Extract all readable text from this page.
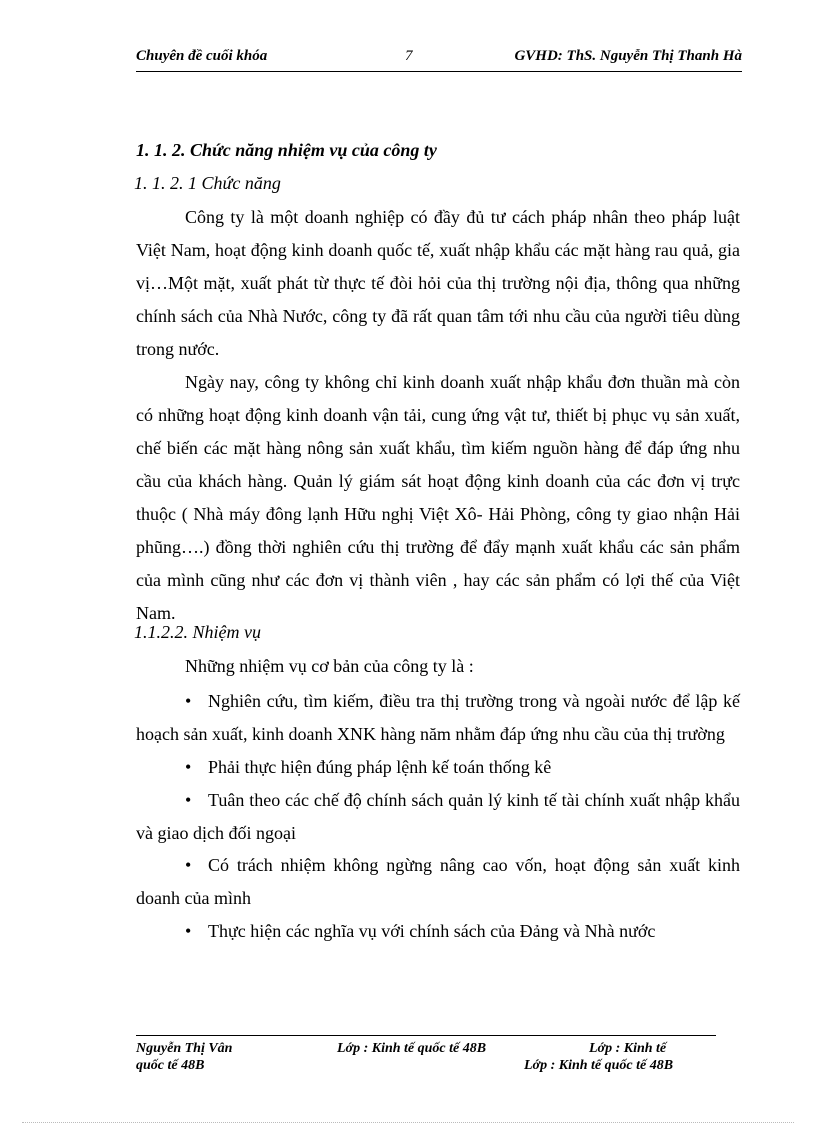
Chuyên đề cuối khóa	7	GVHD: ThS. Nguyễn Thị Thanh Hà
1. 1. 2. Chức năng nhiệm vụ của công ty
1. 1. 2. 1 Chức năng
Công ty là một doanh nghiệp có đầy đủ tư cách pháp nhân theo pháp luật Việt Nam, hoạt động kinh doanh quốc tế, xuất nhập khẩu các mặt hàng rau quả, gia vị…Một mặt, xuất phát từ thực tế đòi hỏi của thị trường nội địa, thông qua những chính sách của Nhà Nước, công ty đã rất quan tâm tới nhu cầu của người tiêu dùng trong nước.
Ngày nay, công ty không chỉ kinh doanh xuất nhập khẩu đơn thuần mà còn có những hoạt động kinh doanh vận tải, cung ứng vật tư, thiết bị phục vụ sản xuất, chế biến các mặt hàng nông sản xuất khẩu, tìm kiếm nguồn hàng để đáp ứng nhu cầu của khách hàng. Quản lý giám sát hoạt động kinh doanh của các đơn vị trực thuộc ( Nhà máy đông lạnh Hữu nghị Việt Xô- Hải Phòng, công ty giao nhận Hải phũng….) đồng thời nghiên cứu thị trường để đẩy mạnh xuất khẩu các sản phẩm của mình cũng như các đơn vị thành viên , hay các sản phẩm có lợi thế của Việt Nam.
1.1.2.2. Nhiệm vụ
Những nhiệm vụ cơ bản của công ty là :
• Nghiên cứu, tìm kiếm, điều tra thị trường trong và ngoài nước để lập kế hoạch sản xuất, kinh doanh XNK hàng năm nhằm đáp ứng nhu cầu của thị trường
• Phải thực hiện đúng pháp lệnh kế toán thống kê
• Tuân theo các chế độ chính sách quản lý kinh tế tài chính xuất nhập khẩu và giao dịch đối ngoại
• Có trách nhiệm không ngừng nâng cao vốn, hoạt động sản xuất kinh doanh của mình
• Thực hiện các nghĩa vụ với chính sách của Đảng và Nhà nước
Nguyễn Thị Vân	Lớp : Kinh tế quốc tế 48B	Lớp : Kinh tế
quốc tế 48B	Lớp : Kinh tế quốc tế 48B
